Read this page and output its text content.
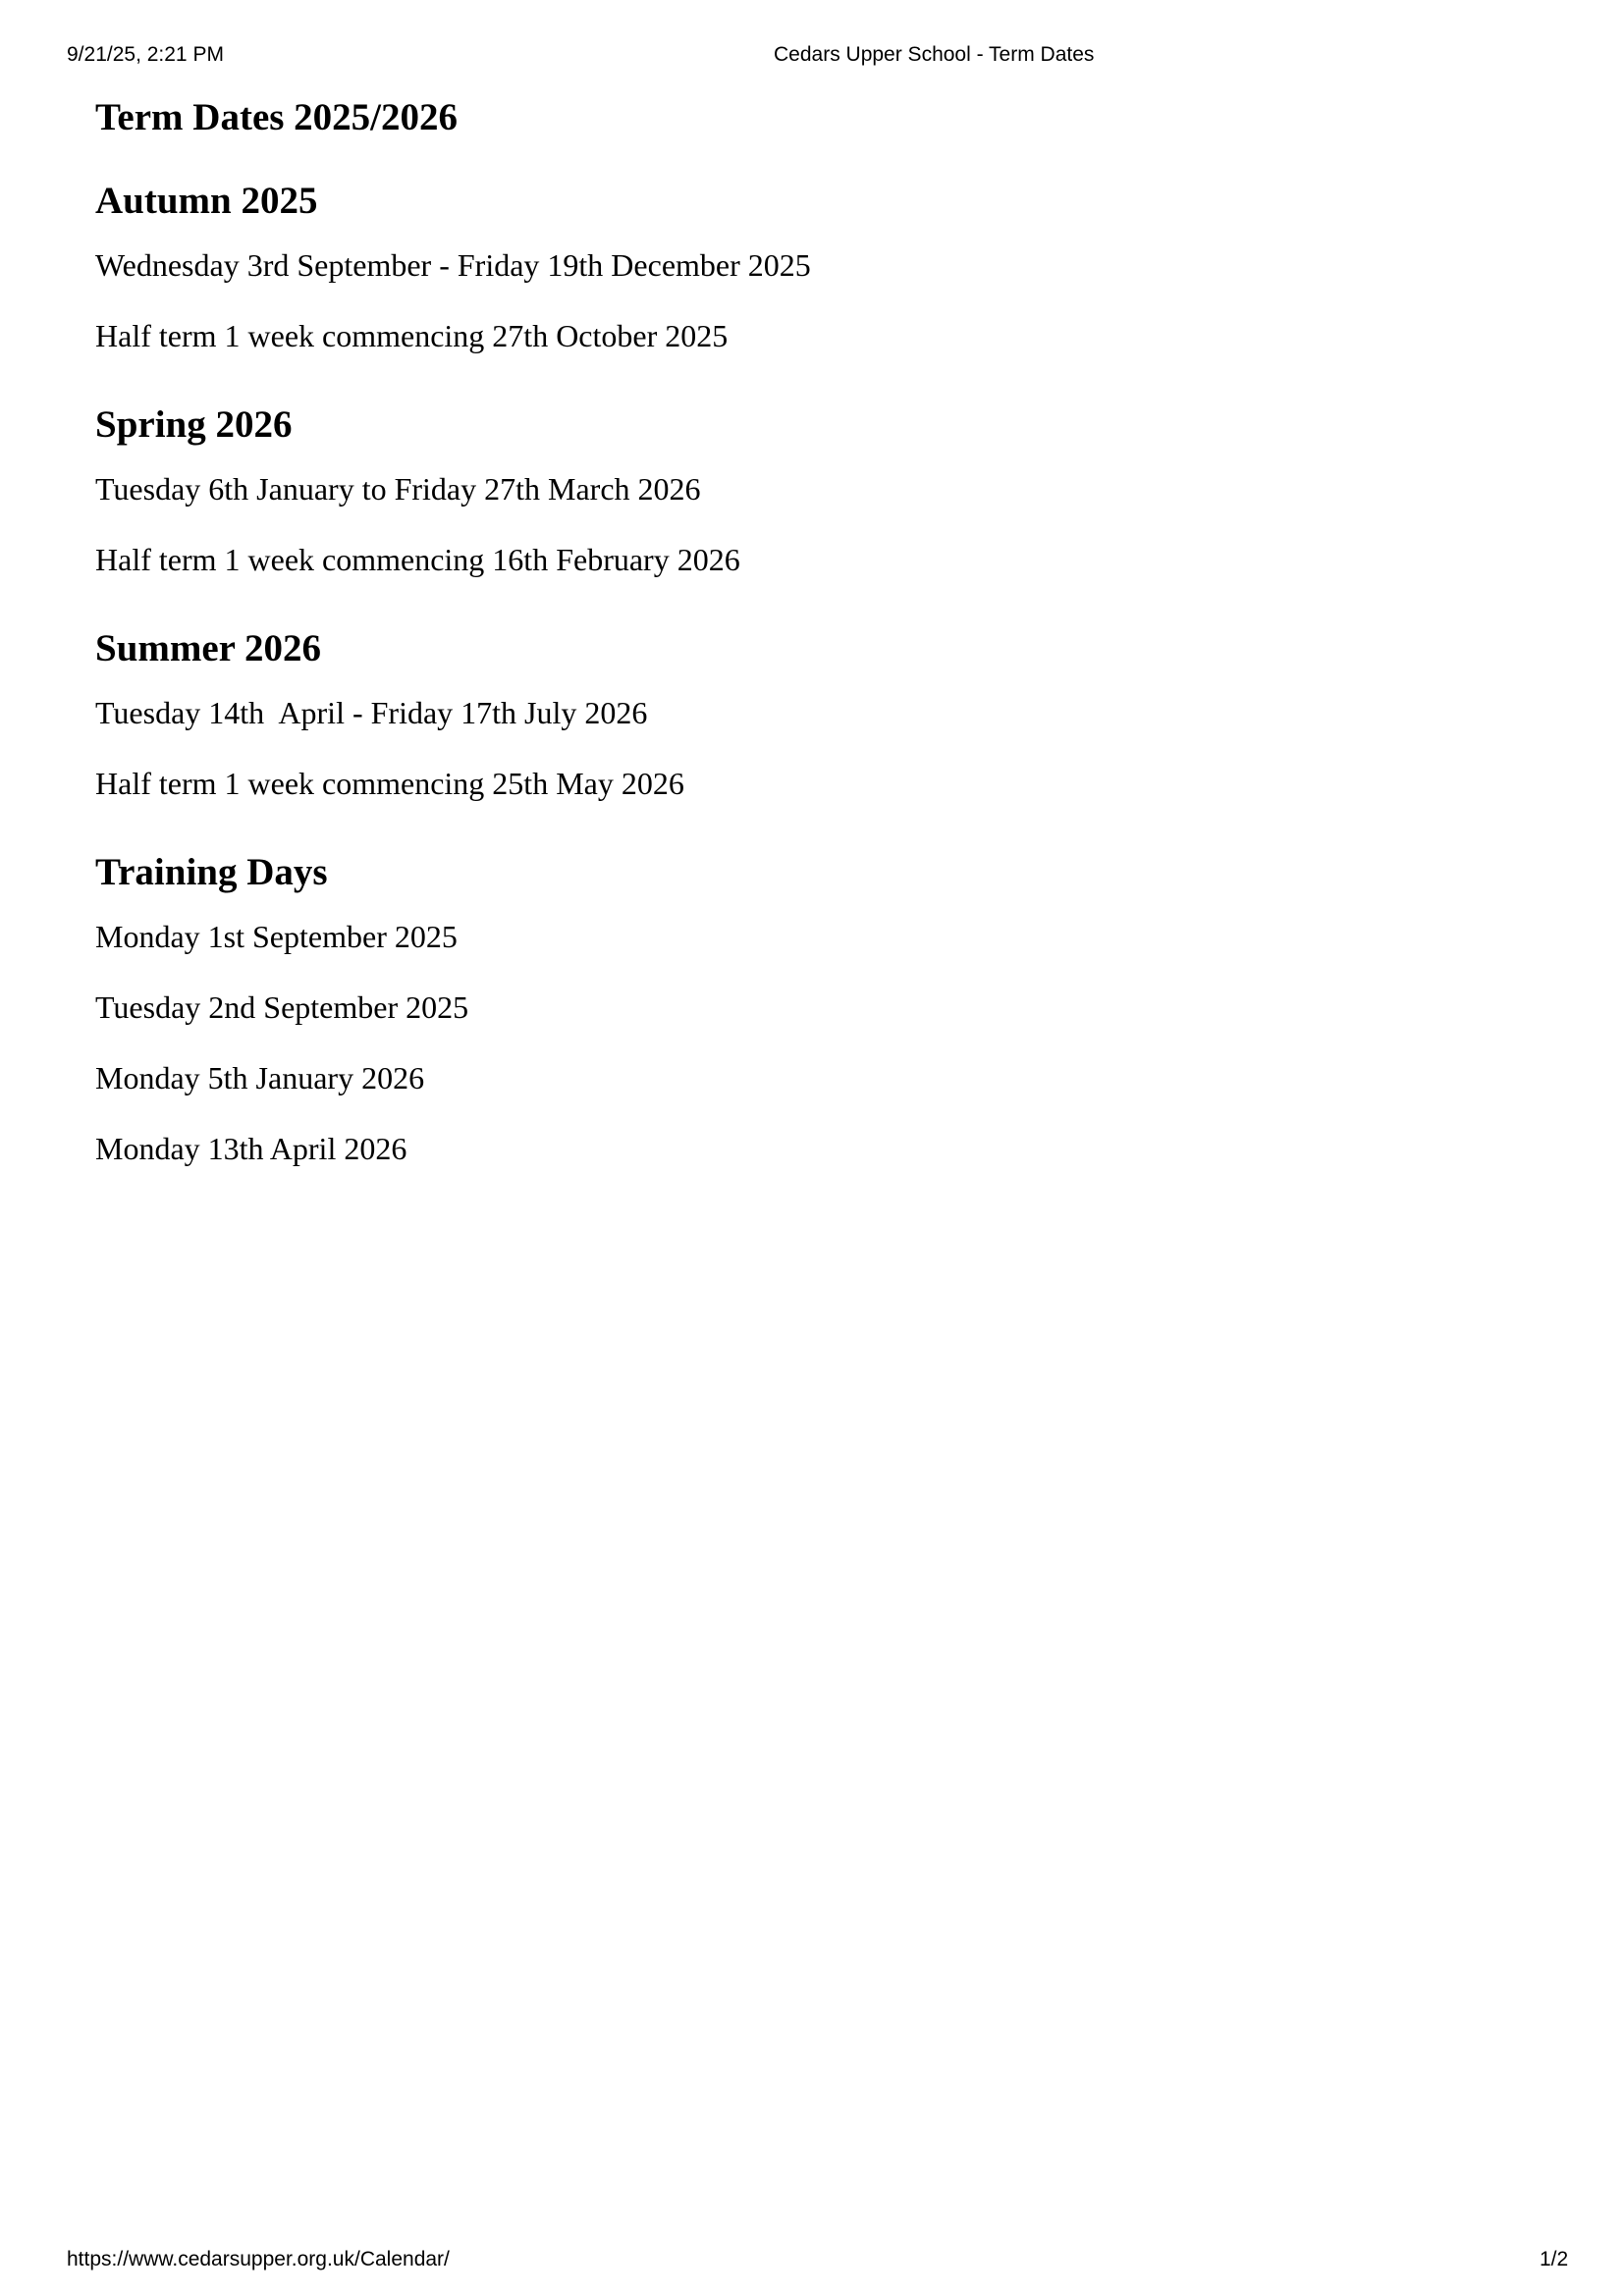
9/21/25, 2:21 PM	Cedars Upper School - Term Dates
Term Dates 2025/2026
Autumn 2025

Wednesday 3rd September - Friday 19th December 2025

Half term 1 week commencing 27th October 2025

Spring 2026

Tuesday 6th January to Friday 27th March 2026

Half term 1 week commencing 16th February 2026

Summer 2026

Tuesday 14th  April - Friday 17th July 2026

Half term 1 week commencing 25th May 2026

Training Days

Monday 1st September 2025

Tuesday 2nd September 2025

Monday 5th January 2026

Monday 13th April 2026

https://www.cedarsupper.org.uk/Calendar/	1/2
